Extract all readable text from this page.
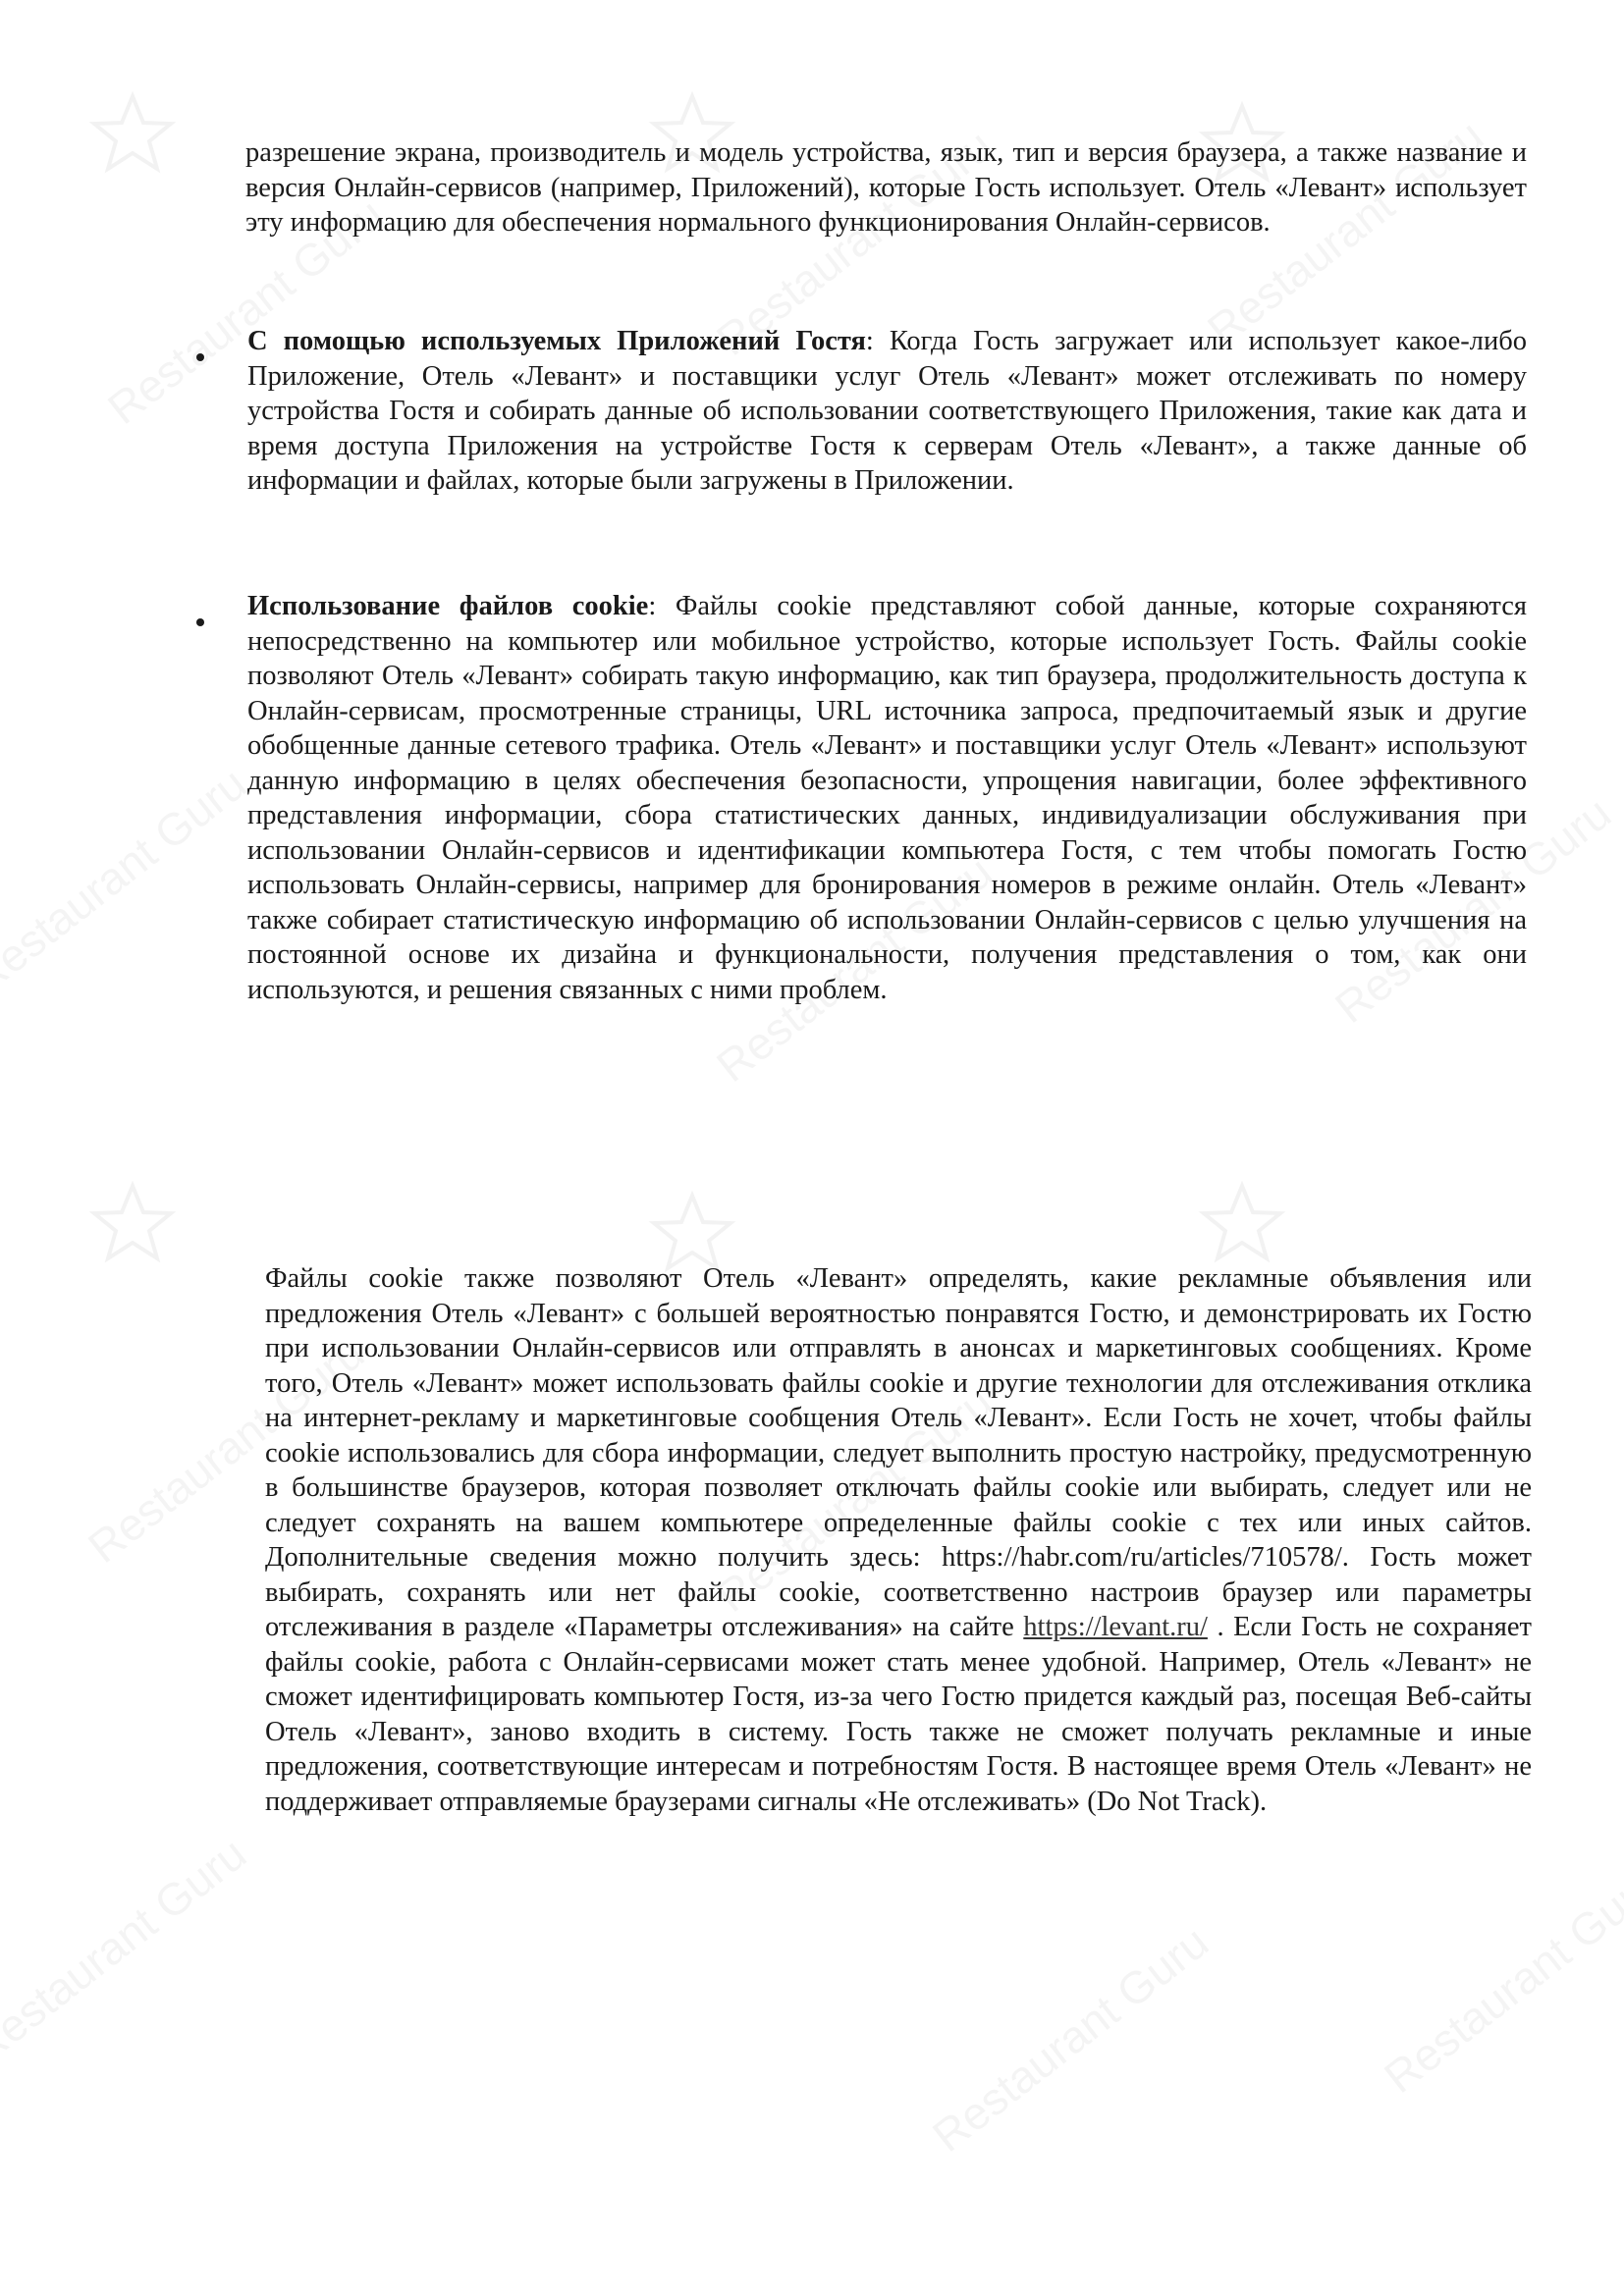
разрешение экрана, производитель и модель устройства, язык, тип и версия браузера, а также название и версия Онлайн-сервисов (например, Приложений), которые Гость использует. Отель «Левант» использует эту информацию для обеспечения нормального функционирования Онлайн-сервисов.
С помощью используемых Приложений Гостя: Когда Гость загружает или использует какое-либо Приложение, Отель «Левант» и поставщики услуг Отель «Левант» может отслеживать по номеру устройства Гостя и собирать данные об использовании соответствующего Приложения, такие как дата и время доступа Приложения на устройстве Гостя к серверам Отель «Левант», а также данные об информации и файлах, которые были загружены в Приложении.
Использование файлов cookie: Файлы cookie представляют собой данные, которые сохраняются непосредственно на компьютер или мобильное устройство, которые использует Гость. Файлы cookie позволяют Отель «Левант» собирать такую информацию, как тип браузера, продолжительность доступа к Онлайн-сервисам, просмотренные страницы, URL источника запроса, предпочитаемый язык и другие обобщенные данные сетевого трафика. Отель «Левант» и поставщики услуг Отель «Левант» используют данную информацию в целях обеспечения безопасности, упрощения навигации, более эффективного представления информации, сбора статистических данных, индивидуализации обслуживания при использовании Онлайн-сервисов и идентификации компьютера Гостя, с тем чтобы помогать Гостю использовать Онлайн-сервисы, например для бронирования номеров в режиме онлайн. Отель «Левант» также собирает статистическую информацию об использовании Онлайн-сервисов с целью улучшения на постоянной основе их дизайна и функциональности, получения представления о том, как они используются, и решения связанных с ними проблем.
Файлы cookie также позволяют Отель «Левант» определять, какие рекламные объявления или предложения Отель «Левант» с большей вероятностью понравятся Гостю, и демонстрировать их Гостю при использовании Онлайн-сервисов или отправлять в анонсах и маркетинговых сообщениях. Кроме того, Отель «Левант» может использовать файлы cookie и другие технологии для отслеживания отклика на интернет-рекламу и маркетинговые сообщения Отель «Левант». Если Гость не хочет, чтобы файлы cookie использовались для сбора информации, следует выполнить простую настройку, предусмотренную в большинстве браузеров, которая позволяет отключать файлы cookie или выбирать, следует или не следует сохранять на вашем компьютере определенные файлы cookie с тех или иных сайтов. Дополнительные сведения можно получить здесь: https://habr.com/ru/articles/710578/. Гость может выбирать, сохранять или нет файлы cookie, соответственно настроив браузер или параметры отслеживания в разделе «Параметры отслеживания» на сайте https://levant.ru/ . Если Гость не сохраняет файлы cookie, работа с Онлайн-сервисами может стать менее удобной. Например, Отель «Левант» не сможет идентифицировать компьютер Гостя, из-за чего Гостю придется каждый раз, посещая Веб-сайты Отель «Левант», заново входить в систему. Гость также не сможет получать рекламные и иные предложения, соответствующие интересам и потребностям Гостя. В настоящее время Отель «Левант» не поддерживает отправляемые браузерами сигналы «Не отслеживать» (Do Not Track).
